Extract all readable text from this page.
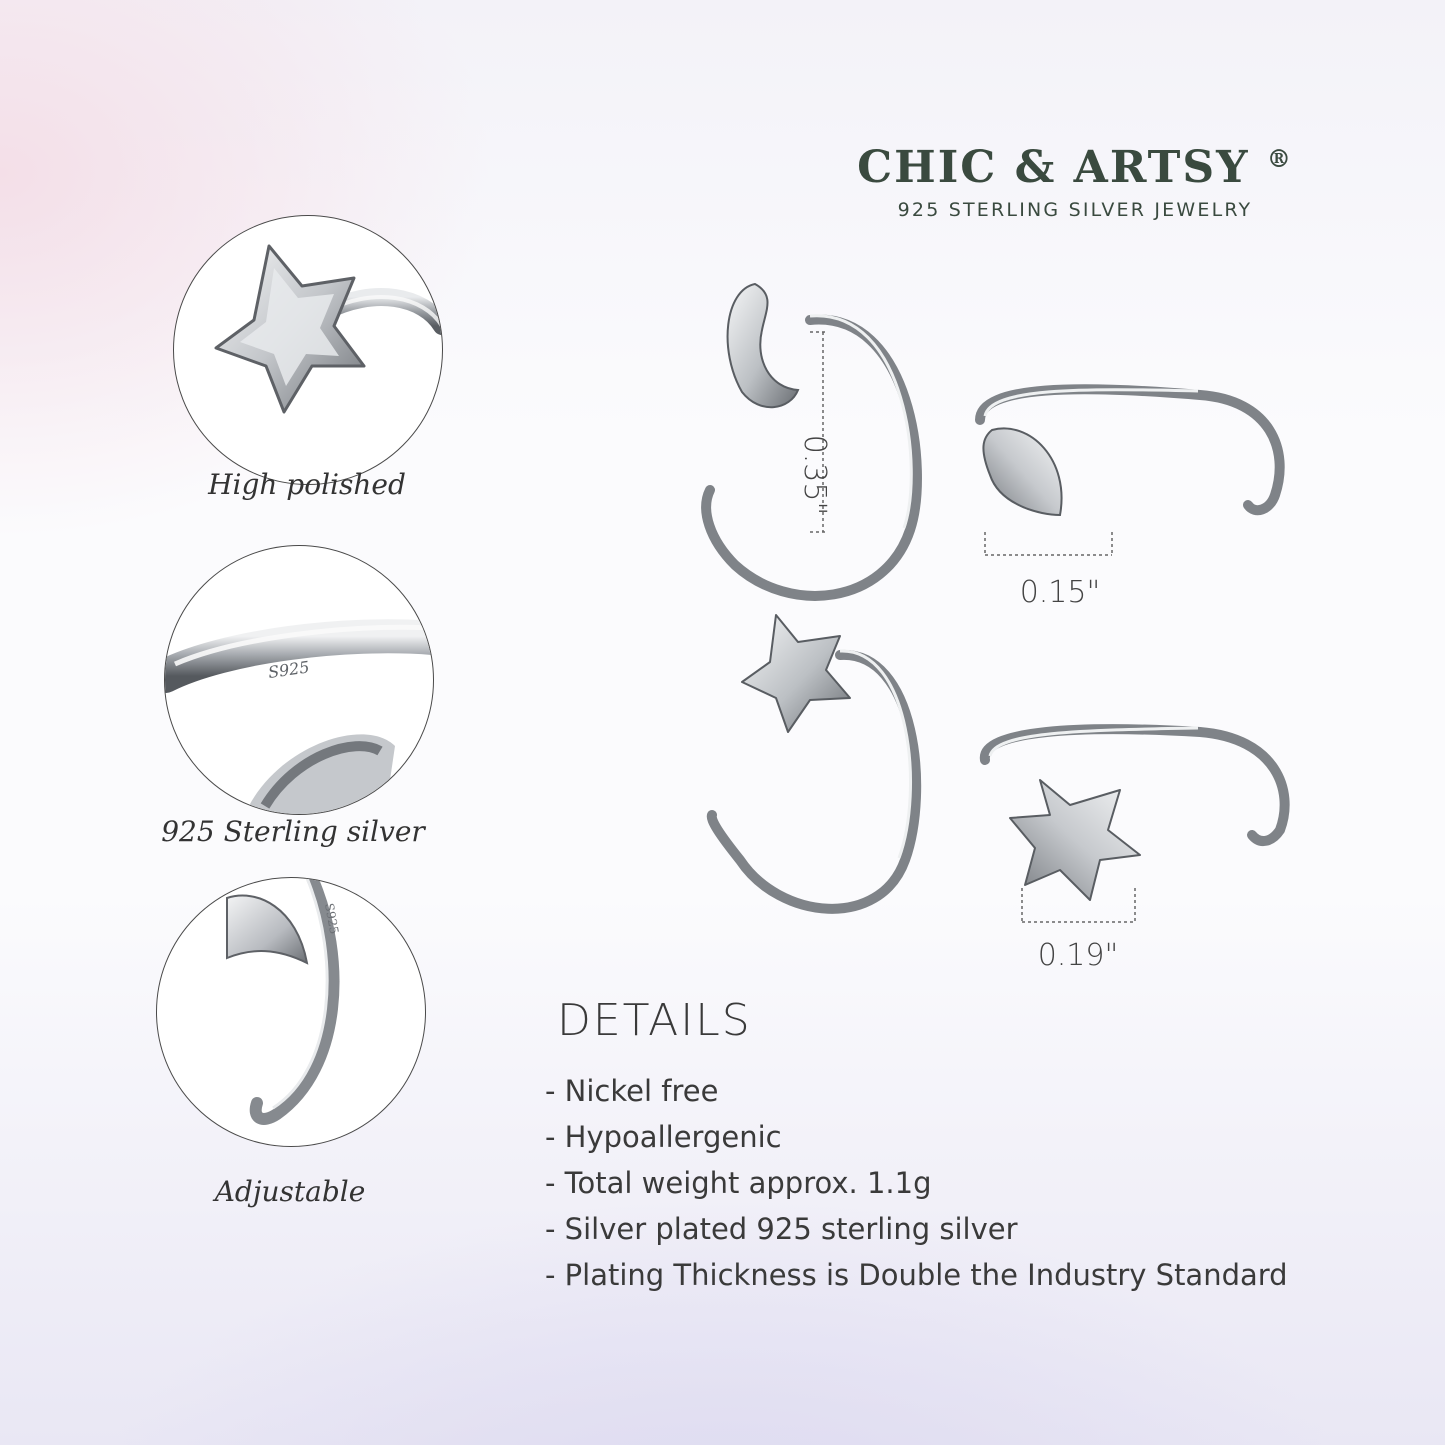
CHIC & ARTSY ®
925 STERLING SILVER JEWELRY
High polished
S925
925 Sterling silver
S925
Adjustable
0.35"
0.15"
0.19"
DETAILS
- Nickel free
- Hypoallergenic
- Total weight approx. 1.1g
- Silver plated 925 sterling silver
- Plating Thickness is Double the Industry Standard
